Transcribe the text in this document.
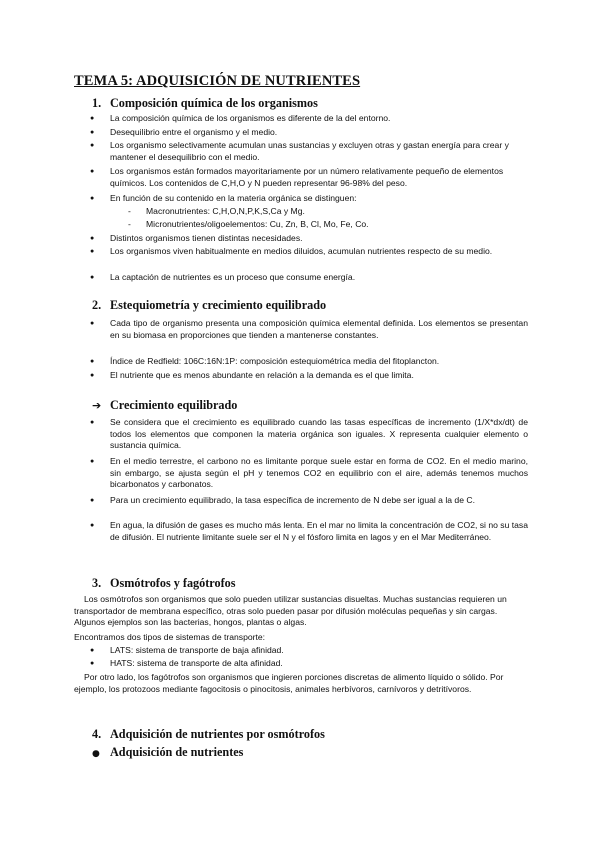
TEMA 5: ADQUISICIÓN DE NUTRIENTES
1. Composición química de los organismos
● La composición química de los organismos es diferente de la del entorno.
● Desequilibrio entre el organismo y el medio.
● Los organismo selectivamente acumulan unas sustancias y excluyen otras y gastan energía para crear y mantener el desequilibrio con el medio.
● Los organismos están formados mayoritariamente por un número relativamente pequeño de elementos químicos. Los contenidos de C,H,O y N pueden representar 96-98% del peso.
● En función de su contenido en la materia orgánica se distinguen:
- Macronutrientes: C,H,O,N,P,K,S,Ca y Mg.
- Micronutrientes/oligoelementos: Cu, Zn, B, Cl, Mo, Fe, Co.
● Distintos organismos tienen distintas necesidades.
● Los organismos viven habitualmente en medios diluidos, acumulan nutrientes respecto de su medio.
● La captación de nutrientes es un proceso que consume energía.
2. Estequiometría y crecimiento equilibrado
● Cada tipo de organismo presenta una composición química elemental definida. Los elementos se presentan en su biomasa en proporciones que tienden a mantenerse constantes.
● Índice de Redfield: 106C:16N:1P: composición estequiométrica media del fitoplancton.
● El nutriente que es menos abundante en relación a la demanda es el que limita.
➔ Crecimiento equilibrado
● Se considera que el crecimiento es equilibrado cuando las tasas específicas de incremento (1/X*dx/dt) de todos los elementos que componen la materia orgánica son iguales. X representa cualquier elemento o sustancia química.
● En el medio terrestre, el carbono no es limitante porque suele estar en forma de CO2. En el medio marino, sin embargo, se ajusta según el pH y tenemos CO2 en equilibrio con el aire, además tenemos muchos bicarbonatos y carbonatos.
● Para un crecimiento equilibrado, la tasa específica de incremento de N debe ser igual a la de C.
● En agua, la difusión de gases es mucho más lenta. En el mar no limita la concentración de CO2, si no su tasa de difusión. El nutriente limitante suele ser el N y el fósforo limita en lagos y en el Mar Mediterráneo.
3. Osmótrofos y fagótrofos
Los osmótrofos son organismos que solo pueden utilizar sustancias disueltas. Muchas sustancias requieren un transportador de membrana específico, otras solo pueden pasar por difusión moléculas pequeñas y sin cargas. Algunos ejemplos son las bacterias, hongos, plantas o algas.
Encontramos dos tipos de sistemas de transporte:
● LATS: sistema de transporte de baja afinidad.
● HATS: sistema de transporte de alta afinidad.
Por otro lado, los fagótrofos son organismos que ingieren porciones discretas de alimento líquido o sólido. Por ejemplo, los protozoos mediante fagocitosis o pinocitosis, animales herbívoros, carnívoros y detritívoros.
4. Adquisición de nutrientes por osmótrofos
● Adquisición de nutrientes
